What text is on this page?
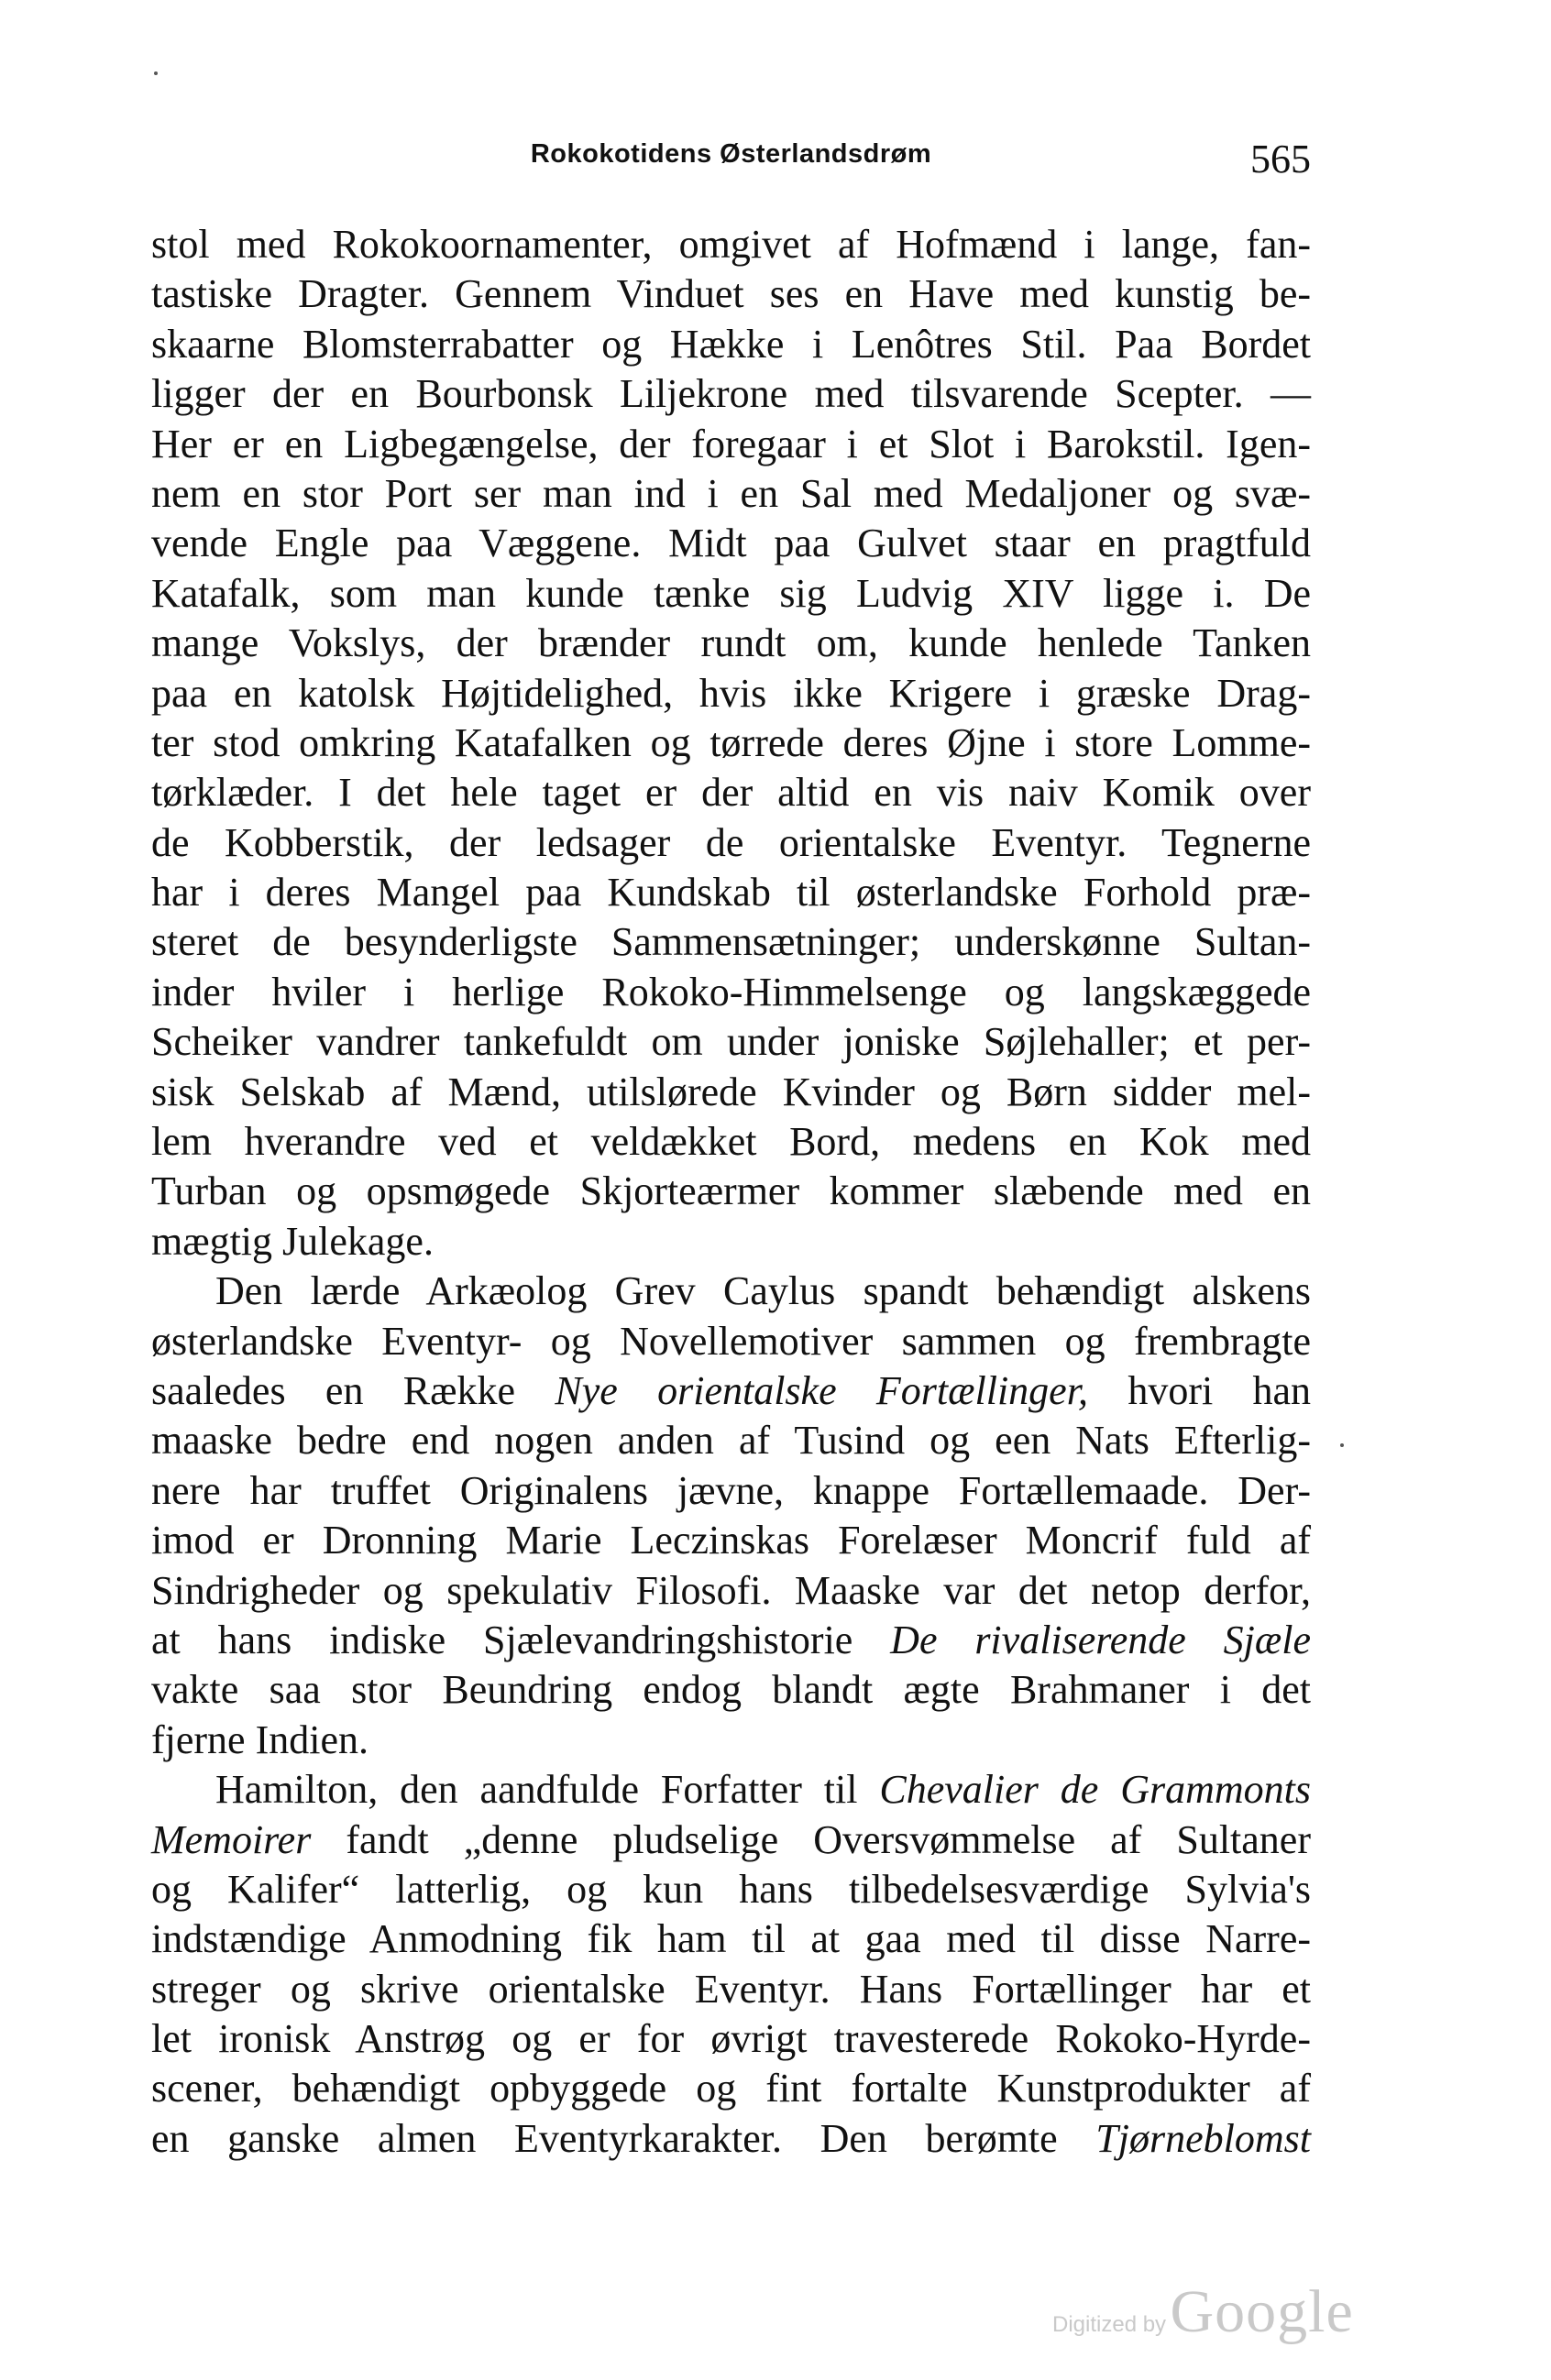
Rokokotidens Østerlandsdrøm	565
stol med Rokokoornamenter, omgivet af Hofmænd i lange, fan-
tastiske Dragter. Gennem Vinduet ses en Have med kunstig be-
skaarne Blomsterrabatter og Hække i Lenôtres Stil. Paa Bordet
ligger der en Bourbonsk Liljekrone med tilsvarende Scepter. —
Her er en Ligbegængelse, der foregaar i et Slot i Barokstil. Igen-
nem en stor Port ser man ind i en Sal med Medaljoner og svæ-
vende Engle paa Væggene. Midt paa Gulvet staar en pragtfuld
Katafalk, som man kunde tænke sig Ludvig XIV ligge i. De
mange Vokslys, der brænder rundt om, kunde henlede Tanken
paa en katolsk Højtidelighed, hvis ikke Krigere i græske Drag-
ter stod omkring Katafalken og tørrede deres Øjne i store Lomme-
tørklæder. I det hele taget er der altid en vis naiv Komik over
de Kobberstik, der ledsager de orientalske Eventyr. Tegnerne
har i deres Mangel paa Kundskab til østerlandske Forhold præ-
steret de besynderligste Sammensætninger; underskønne Sultan-
inder hviler i herlige Rokoko-Himmelsenge og langskæggede
Scheiker vandrer tankefuldt om under joniske Søjlehaller; et per-
sisk Selskab af Mænd, utilslørede Kvinder og Børn sidder mel-
lem hverandre ved et veldækket Bord, medens en Kok med
Turban og opsmøgede Skjorteærmer kommer slæbende med en
mægtig Julekage.
Den lærde Arkæolog Grev Caylus spandt behændigt alskens
østerlandske Eventyr- og Novellemotiver sammen og frembragte
saaledes en Række Nye orientalske Fortællinger, hvori han
maaske bedre end nogen anden af Tusind og een Nats Efterlig-
nere har truffet Originalens jævne, knappe Fortællemaade. Der-
imod er Dronning Marie Leczinskas Forelæser Moncrif fuld af
Sindrigheder og spekulativ Filosofi. Maaske var det netop derfor,
at hans indiske Sjælevandringshistorie De rivaliserende Sjæle
vakte saa stor Beundring endog blandt ægte Brahmaner i det
fjerne Indien.
Hamilton, den aandfulde Forfatter til Chevalier de Grammonts
Memoirer fandt „denne pludselige Oversvømmelse af Sultaner
og Kalifer“ latterlig, og kun hans tilbedelsesværdige Sylvia's
indstændige Anmodning fik ham til at gaa med til disse Narre-
streger og skrive orientalske Eventyr. Hans Fortællinger har et
let ironisk Anstrøg og er for øvrigt travesterede Rokoko-Hyrde-
scener, behændigt opbyggede og fint fortalte Kunstprodukter af
en ganske almen Eventyrkarakter. Den berømte Tjørneblomst
Digitized by Google
